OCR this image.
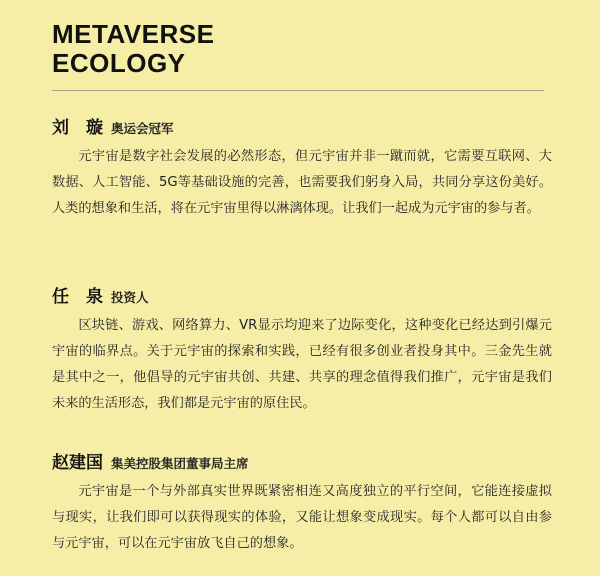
METAVERSE
ECOLOGY
刘　璇 奥运会冠军

元宇宙是数字社会发展的必然形态，但元宇宙并非一蹴而就，它需要互联网、大数据、人工智能、5G等基础设施的完善，也需要我们躬身入局，共同分享这份美好。人类的想象和生活，将在元宇宙里得以淋漓体现。让我们一起成为元宇宙的参与者。

任　泉 投资人

区块链、游戏、网络算力、VR显示均迎来了边际变化，这种变化已经达到引爆元宇宙的临界点。关于元宇宙的探索和实践，已经有很多创业者投身其中。三金先生就是其中之一，他倡导的元宇宙共创、共建、共享的理念值得我们推广，元宇宙是我们未来的生活形态，我们都是元宇宙的原住民。

赵建国 集美控股集团董事局主席

元宇宙是一个与外部真实世界既紧密相连又高度独立的平行空间，它能连接虚拟与现实，让我们即可以获得现实的体验，又能让想象变成现实。每个人都可以自由参与元宇宙，可以在元宇宙放飞自己的想象。
